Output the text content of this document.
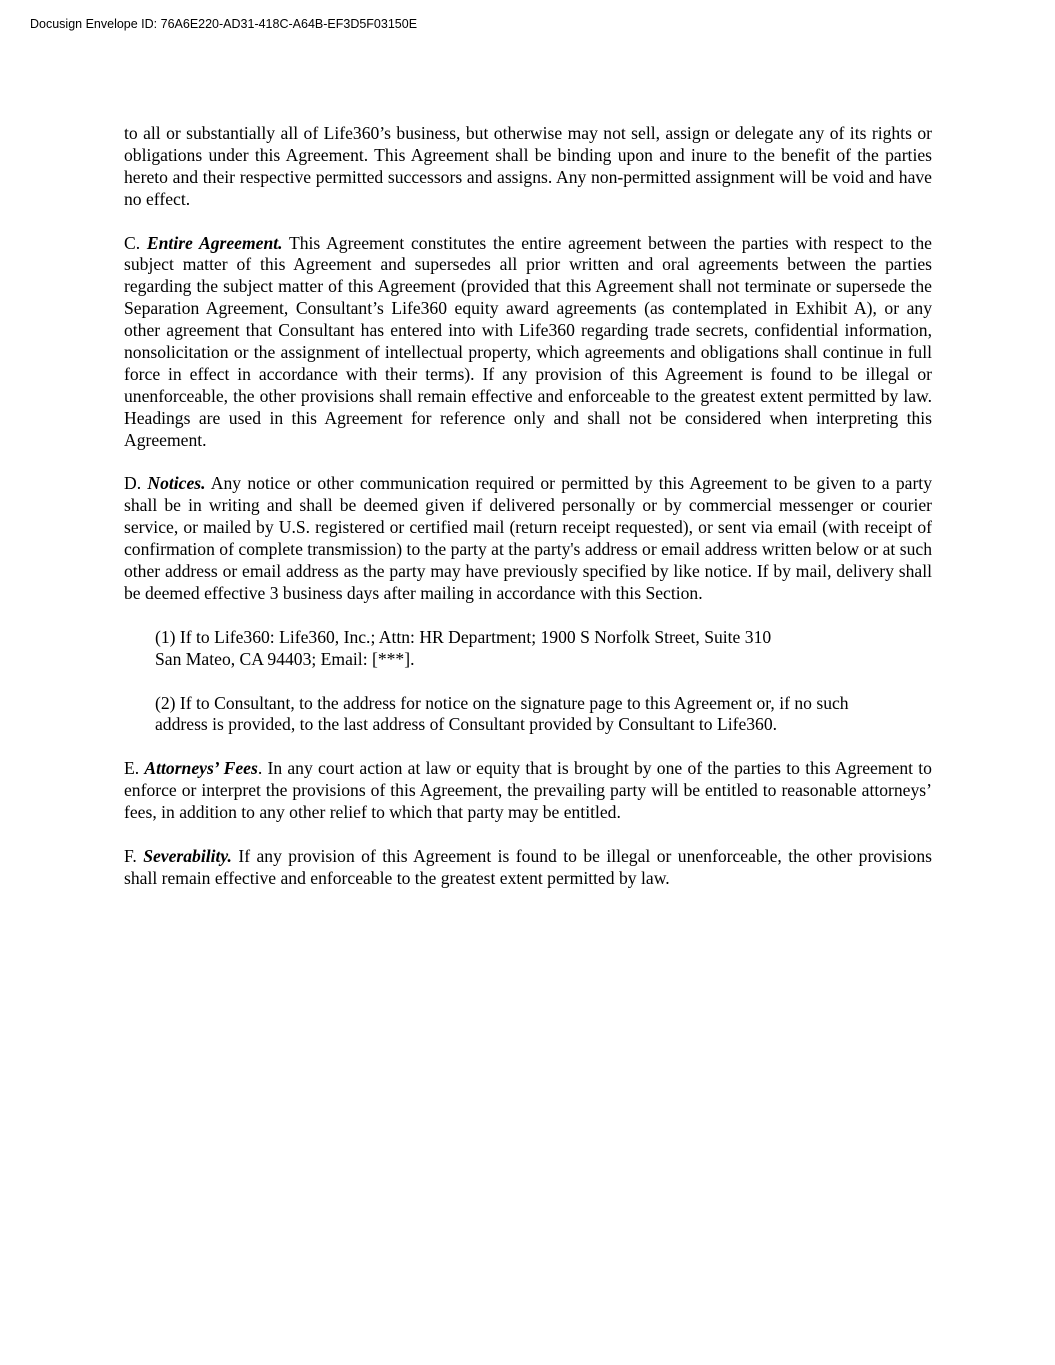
Docusign Envelope ID: 76A6E220-AD31-418C-A64B-EF3D5F03150E

to all or substantially all of Life360’s business, but otherwise may not sell, assign or delegate any of its rights or obligations under this Agreement. This Agreement shall be binding upon and inure to the benefit of the parties hereto and their respective permitted successors and assigns. Any non-permitted assignment will be void and have no effect.

C. Entire Agreement. This Agreement constitutes the entire agreement between the parties with respect to the subject matter of this Agreement and supersedes all prior written and oral agreements between the parties regarding the subject matter of this Agreement (provided that this Agreement shall not terminate or supersede the Separation Agreement, Consultant’s Life360 equity award agreements (as contemplated in Exhibit A), or any other agreement that Consultant has entered into with Life360 regarding trade secrets, confidential information, nonsolicitation or the assignment of intellectual property, which agreements and obligations shall continue in full force in effect in accordance with their terms). If any provision of this Agreement is found to be illegal or unenforceable, the other provisions shall remain effective and enforceable to the greatest extent permitted by law. Headings are used in this Agreement for reference only and shall not be considered when interpreting this Agreement.

D. Notices. Any notice or other communication required or permitted by this Agreement to be given to a party shall be in writing and shall be deemed given if delivered personally or by commercial messenger or courier service, or mailed by U.S. registered or certified mail (return receipt requested), or sent via email (with receipt of confirmation of complete transmission) to the party at the party's address or email address written below or at such other address or email address as the party may have previously specified by like notice. If by mail, delivery shall be deemed effective 3 business days after mailing in accordance with this Section.

(1) If to Life360: Life360, Inc.; Attn: HR Department; 1900 S Norfolk Street, Suite 310
San Mateo, CA 94403; Email: [***].

(2) If to Consultant, to the address for notice on the signature page to this Agreement or, if no such
address is provided, to the last address of Consultant provided by Consultant to Life360.

E. Attorneys’ Fees. In any court action at law or equity that is brought by one of the parties to this Agreement to enforce or interpret the provisions of this Agreement, the prevailing party will be entitled to reasonable attorneys’ fees, in addition to any other relief to which that party may be entitled.

F. Severability. If any provision of this Agreement is found to be illegal or unenforceable, the other provisions shall remain effective and enforceable to the greatest extent permitted by law.
